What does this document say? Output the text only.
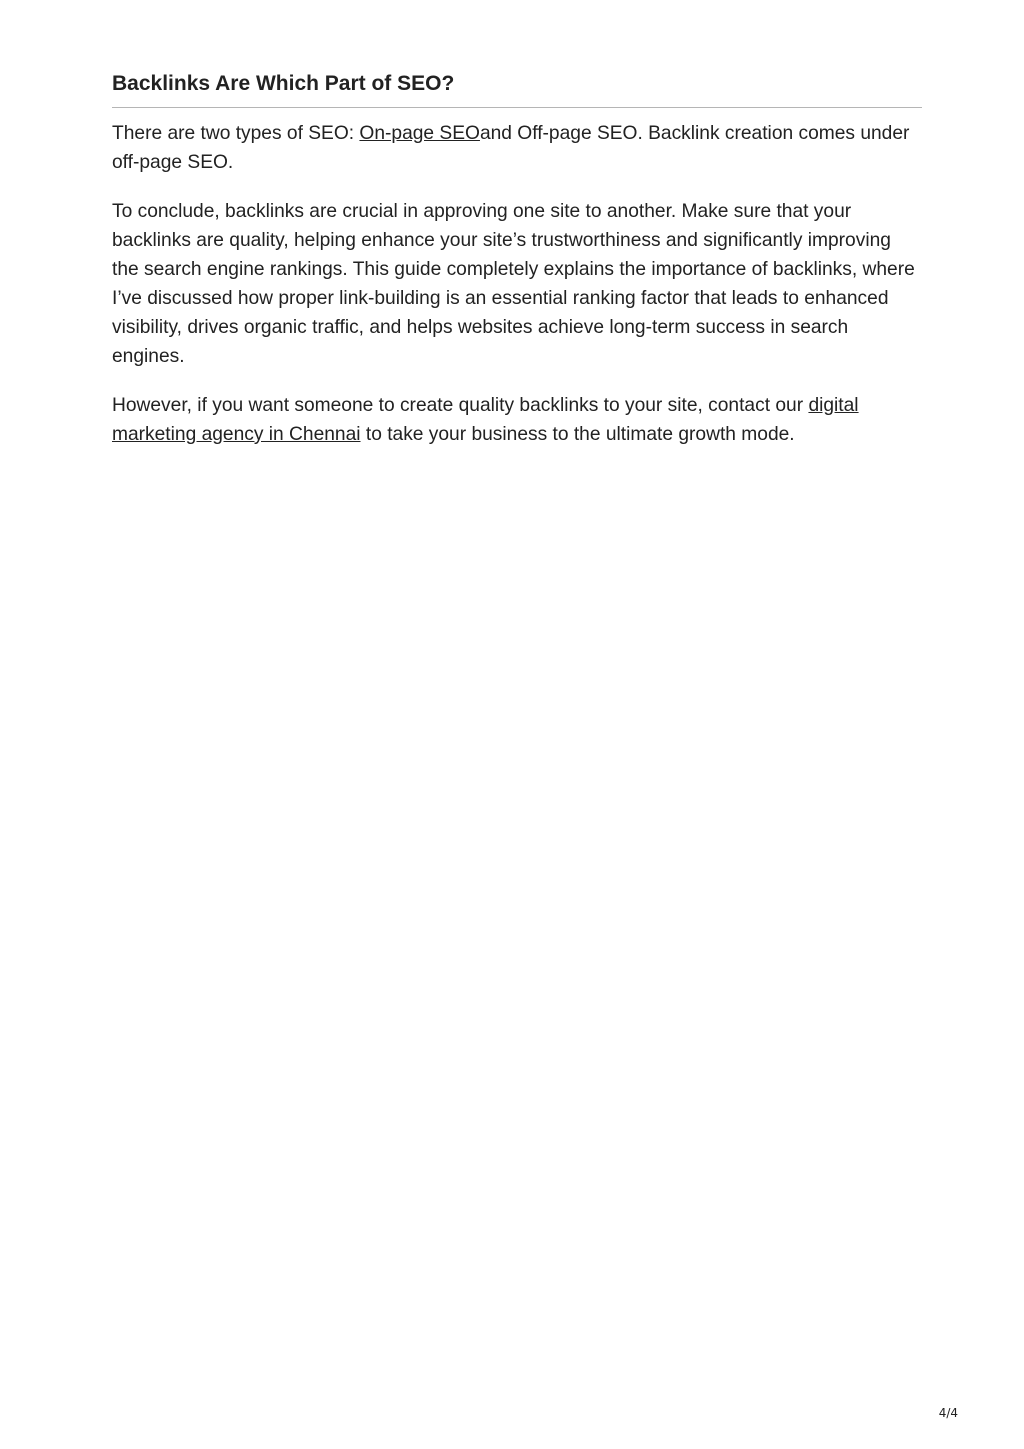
Backlinks Are Which Part of SEO?

There are two types of SEO: On-page SEOand Off-page SEO. Backlink creation comes under off-page SEO.

To conclude, backlinks are crucial in approving one site to another. Make sure that your backlinks are quality, helping enhance your site’s trustworthiness and significantly improving the search engine rankings. This guide completely explains the importance of backlinks, where I’ve discussed how proper link-building is an essential ranking factor that leads to enhanced visibility, drives organic traffic, and helps websites achieve long-term success in search engines.

However, if you want someone to create quality backlinks to your site, contact our digital marketing agency in Chennai to take your business to the ultimate growth mode.

4/4
